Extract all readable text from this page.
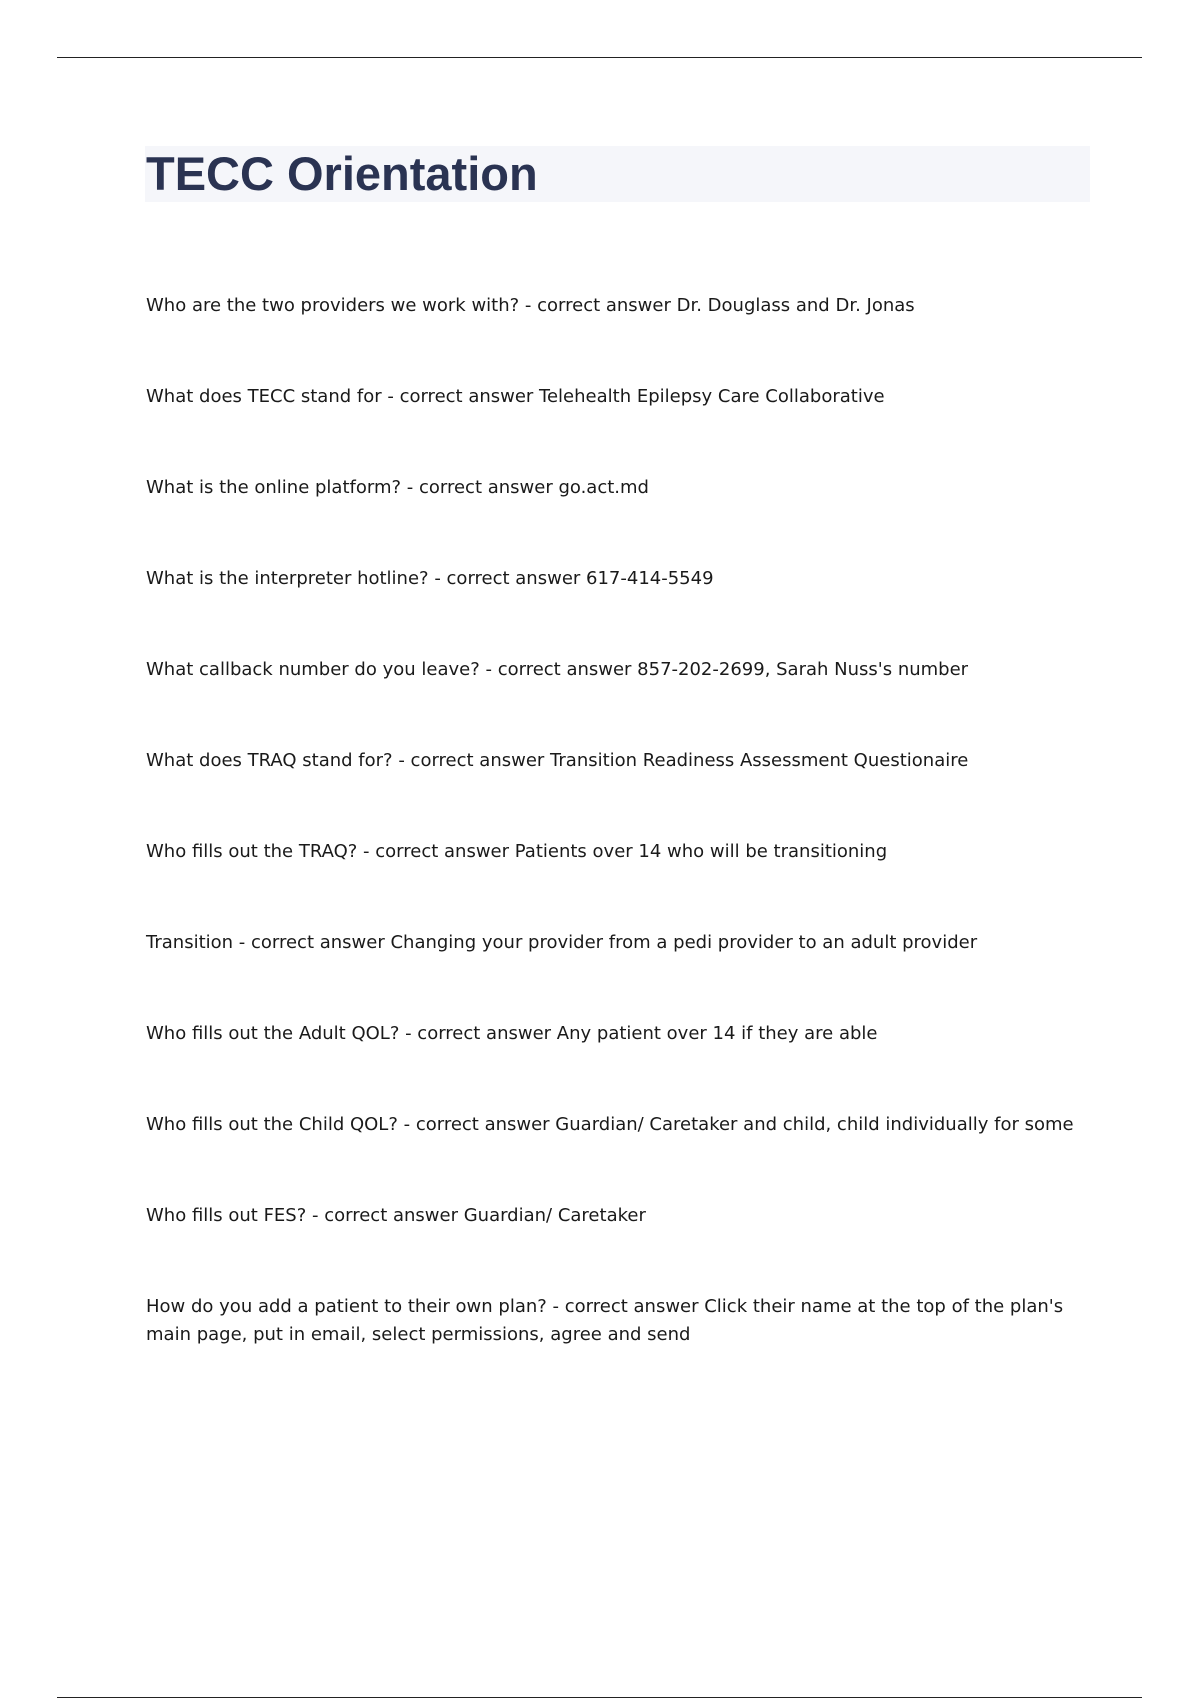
TECC Orientation
Who are the two providers we work with? - correct answer Dr. Douglass and Dr. Jonas
What does TECC stand for - correct answer Telehealth Epilepsy Care Collaborative
What is the online platform? - correct answer go.act.md
What is the interpreter hotline? - correct answer 617-414-5549
What callback number do you leave? - correct answer 857-202-2699, Sarah Nuss's number
What does TRAQ stand for? - correct answer Transition Readiness Assessment Questionaire
Who fills out the TRAQ? - correct answer Patients over 14 who will be transitioning
Transition - correct answer Changing your provider from a pedi provider to an adult provider
Who fills out the Adult QOL? - correct answer Any patient over 14 if they are able
Who fills out the Child QOL? - correct answer Guardian/ Caretaker and child, child individually for some
Who fills out FES? - correct answer Guardian/ Caretaker
How do you add a patient to their own plan? - correct answer Click their name at the top of the plan's main page, put in email, select permissions, agree and send
